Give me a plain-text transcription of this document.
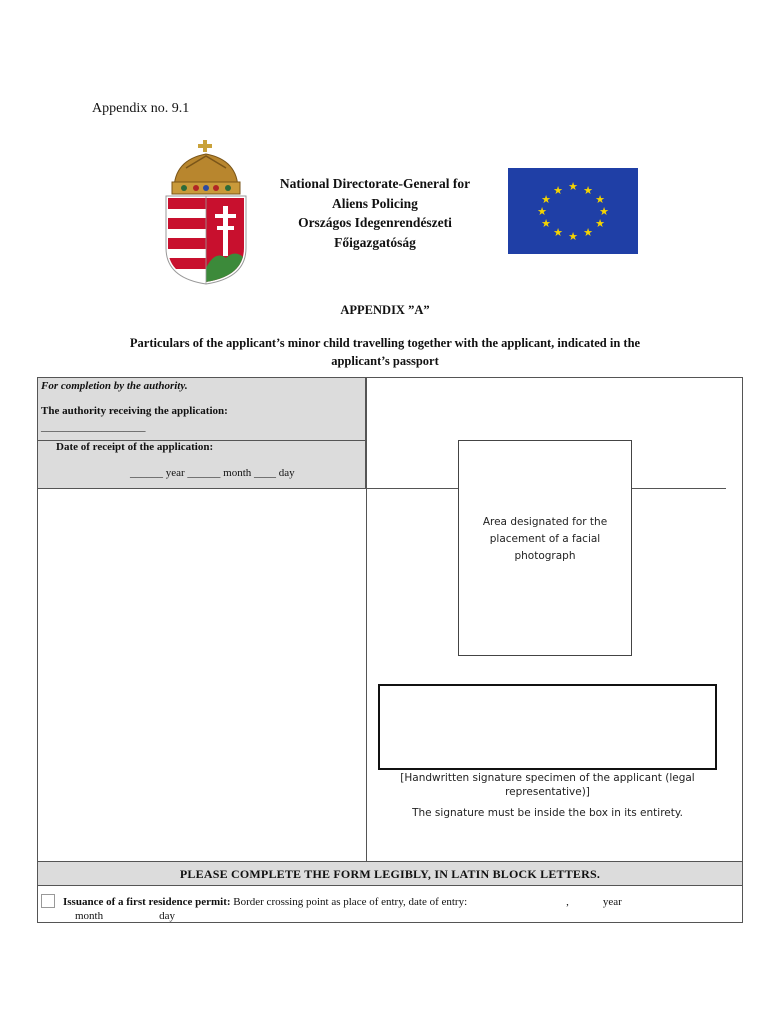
Appendix no. 9.1
National Directorate-General for
Aliens Policing
Országos Idegenrendészeti
Főigazgatóság
★ ★
★
★
★
★
★
★
★
★
★
★
APPENDIX ”A”
Particulars of the applicant’s minor child travelling together with the applicant, indicated in the
applicant’s passport
For completion by the authority.
The authority receiving the application:
___________________
Date of receipt of the application:
______ year ______ month ____ day
Area designated for the
placement of a facial photograph
[Handwritten signature specimen of the applicant (legal
representative)]
The signature must be inside the box in its entirety.
PLEASE COMPLETE THE FORM LEGIBLY, IN LATIN BLOCK LETTERS.
Issuance of a first residence permit: Border crossing point as place of entry, date of entry:	,	year
month	day
